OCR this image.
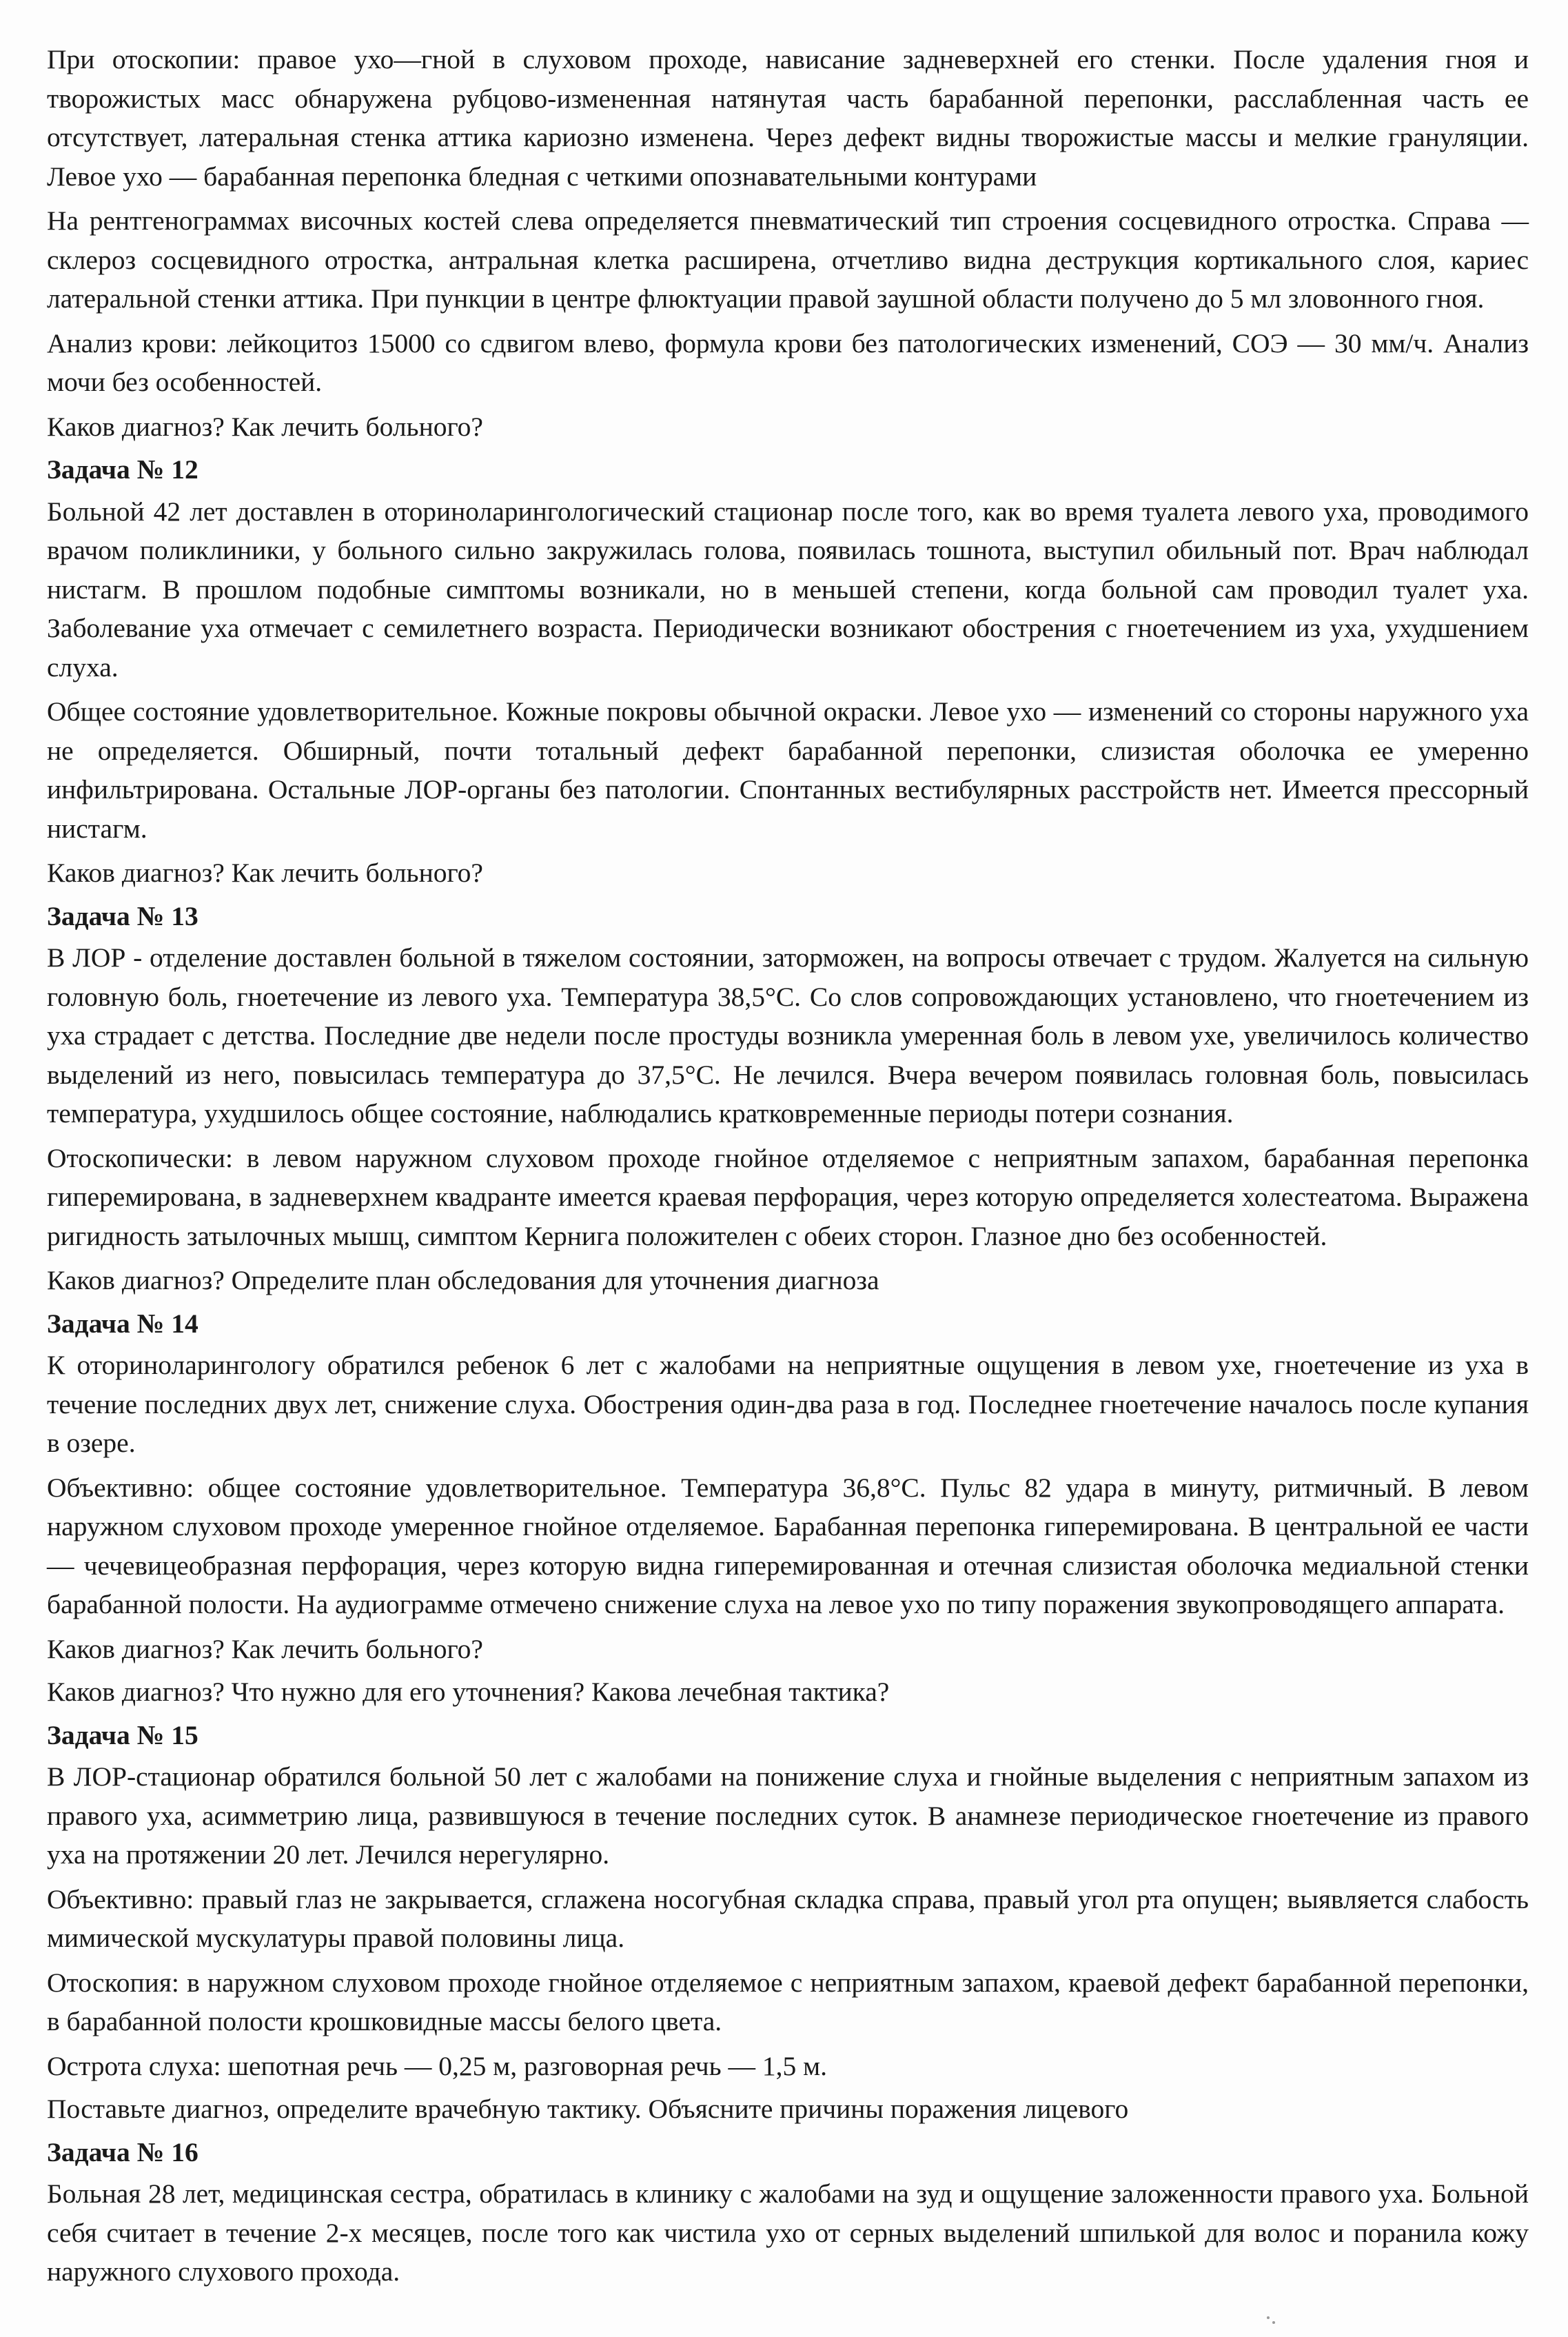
При отоскопии: правое ухо—гной в слуховом проходе, нависание задневерхней его стенки. После удаления гноя и творожистых масс обнаружена рубцово-измененная натянутая часть барабанной перепонки, расслабленная часть ее отсутствует, латеральная стенка аттика кариозно изменена. Через дефект видны творожистые массы и мелкие грануляции. Левое ухо — барабанная перепонка бледная с четкими опознавательными контурами

На рентгенограммах височных костей слева определяется пневматический тип строения сосцевидного отростка. Справа — склероз сосцевидного отростка, антральная клетка расширена, отчетливо видна деструкция кортикального слоя, кариес латеральной стенки аттика. При пункции в центре флюктуации правой заушной области получено до 5 мл зловонного гноя.

Анализ крови: лейкоцитоз 15000 со сдвигом влево, формула крови без патологических изменений, СОЭ — 30 мм/ч. Анализ мочи без особенностей.

Каков диагноз? Как лечить больного?

Задача № 12

Больной 42 лет доставлен в оториноларингологический стационар после того, как во время туалета левого уха, проводимого врачом поликлиники, у больного сильно закружилась голова, появилась тошнота, выступил обильный пот. Врач наблюдал нистагм. В прошлом подобные симптомы возникали, но в меньшей степени, когда больной сам проводил туалет уха. Заболевание уха отмечает с семилетнего возраста. Периодически возникают обострения с гноетечением из уха, ухудшением слуха.

Общее состояние удовлетворительное. Кожные покровы обычной окраски. Левое ухо — изменений со стороны наружного уха не определяется. Обширный, почти тотальный дефект барабанной перепонки, слизистая оболочка ее умеренно инфильтрирована. Остальные ЛОР-органы без патологии. Спонтанных вестибулярных расстройств нет. Имеется прессорный нистагм.

Каков диагноз? Как лечить больного?

Задача № 13

В ЛОР - отделение доставлен больной в тяжелом состоянии, заторможен, на вопросы отвечает с трудом. Жалуется на сильную головную боль, гноетечение из левого уха. Температура 38,5°С. Со слов сопровождающих установлено, что гноетечением из уха страдает с детства. Последние две недели после простуды возникла умеренная боль в левом ухе, увеличилось количество выделений из него, повысилась температура до 37,5°С. Не лечился. Вчера вечером появилась головная боль, повысилась температура, ухудшилось общее состояние, наблюдались кратковременные периоды потери сознания.

Отоскопически: в левом наружном слуховом проходе гнойное отделяемое с неприятным запахом, барабанная перепонка гиперемирована, в задневерхнем квадранте имеется краевая перфорация, через которую определяется холестеатома. Выражена ригидность затылочных мышц, симптом Кернига положителен с обеих сторон. Глазное дно без особенностей.

Каков диагноз? Определите план обследования для уточнения диагноза

Задача № 14

К оториноларингологу обратился ребенок 6 лет с жалобами на неприятные ощущения в левом ухе, гноетечение из уха в течение последних двух лет, снижение слуха. Обострения один-два раза в год. Последнее гноетечение началось после купания в озере.

Объективно: общее состояние удовлетворительное. Температура 36,8°С. Пульс 82 удара в минуту, ритмичный. В левом наружном слуховом проходе умеренное гнойное отделяемое. Барабанная перепонка гиперемирована. В центральной ее части — чечевицеобразная перфорация, через которую видна гиперемированная и отечная слизистая оболочка медиальной стенки барабанной полости. На аудиограмме отмечено снижение слуха на левое ухо по типу поражения звукопроводящего аппарата.

Каков диагноз? Как лечить больного?

Каков диагноз? Что нужно для его уточнения? Какова лечебная тактика?

Задача № 15

В ЛОР-стационар обратился больной 50 лет с жалобами на понижение слуха и гнойные выделения с неприятным запахом из правого уха, асимметрию лица, развившуюся в течение последних суток. В анамнезе периодическое гноетечение из правого уха на протяжении 20 лет. Лечился нерегулярно.

Объективно: правый глаз не закрывается, сглажена носогубная складка справа, правый угол рта опущен; выявляется слабость мимической мускулатуры правой половины лица.

Отоскопия: в наружном слуховом проходе гнойное отделяемое с неприятным запахом, краевой дефект барабанной перепонки, в барабанной полости крошковидные массы белого цвета.

Острота слуха: шепотная речь — 0,25 м, разговорная речь — 1,5 м.

Поставьте диагноз, определите врачебную тактику. Объясните причины поражения лицевого

Задача № 16

Больная 28 лет, медицинская сестра, обратилась в клинику с жалобами на зуд и ощущение заложенности правого уха. Больной себя считает в течение 2-х месяцев, после того как чистила ухо от серных выделений шпилькой для волос и поранила кожу наружного слухового прохода.
